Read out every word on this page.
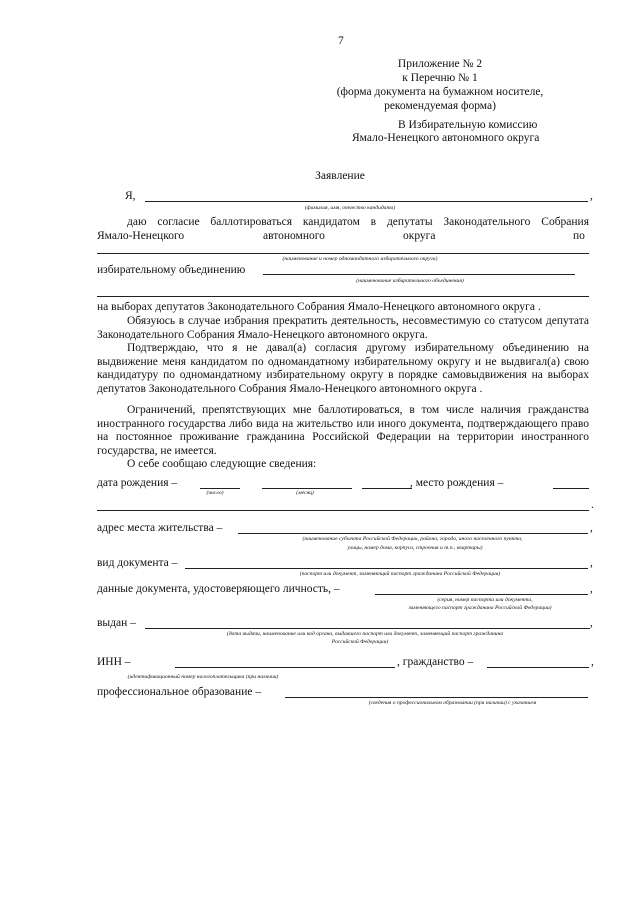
7
Приложение № 2
к Перечню № 1
(форма документа на бумажном носителе,
рекомендуемая форма)
В Избирательную комиссию
Ямало-Ненецкого автономного округа
Заявление
Я,	,
(фамилия, имя, отчество кандидата)
даю согласие баллотироваться кандидатом в депутаты Законодательного Собрания
Ямало-Ненецкого	автономного	округа	по
(наименование и номер одномандатного избирательного округа)
избирательному объединению
(наименование избирательного объединения)
на выборах депутатов Законодательного Собрания Ямало-Ненецкого автономного округа .
Обязуюсь в случае избрания прекратить деятельность, несовместимую со статусом депутата Законодательного Собрания Ямало-Ненецкого автономного округа.
Подтверждаю, что я не давал(а) согласия другому избирательному объединению на выдвижение меня кандидатом по одномандатному избирательному округу и не выдвигал(а) свою кандидатуру по одномандатному избирательному округу в порядке самовыдвижения на выборах депутатов Законодательного Собрания Ямало-Ненецкого автономного округа .
Ограничений, препятствующих мне баллотироваться, в том числе наличия гражданства иностранного государства либо вида на жительство или иного документа, подтверждающего право на постоянное проживание гражданина Российской Федерации на территории иностранного государства, не имеется.
О себе сообщаю следующие сведения:
дата рождения –	, место рождения –
(число)	(месяц)
.
адрес места жительства –	,
(наименование субъекта Российской Федерации, района, города, иного населенного пункта,
улицы, номер дома, корпуса, строения и т.п., квартиры)
вид документа –	,
(паспорт или документ, заменяющий паспорт гражданина Российской Федерации)
данные документа, удостоверяющего личность, –	,
(серия, номер паспорта или документа,
заменяющего паспорт гражданина Российской Федерации)
выдан –	,
(дата выдачи, наименование или код органа, выдавшего паспорт или документ, заменяющий паспорт гражданина
Российской Федерации)
ИНН –	, гражданство –	,
(идентификационный номер налогоплательщика (при наличии)
профессиональное образование –
(сведения о профессиональном образовании (при наличии) с указанием
